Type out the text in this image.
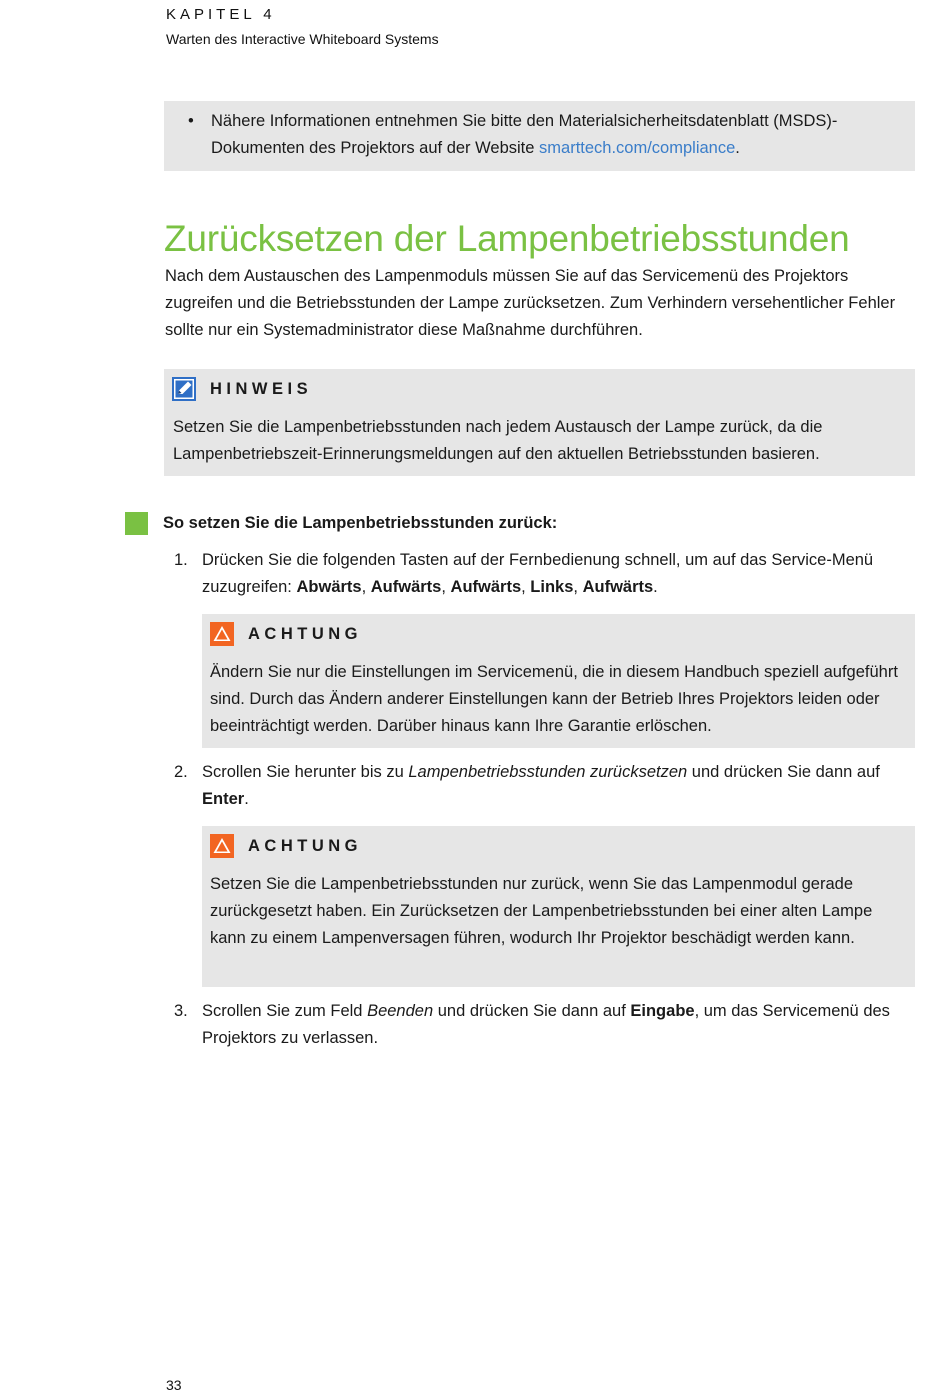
KAPITEL 4
Warten des Interactive Whiteboard Systems
• Nähere Informationen entnehmen Sie bitte den Materialsicherheitsdatenblatt (MSDS)-Dokumenten des Projektors auf der Website smarttech.com/compliance.
Zurücksetzen der Lampenbetriebsstunden
Nach dem Austauschen des Lampenmoduls müssen Sie auf das Servicemenü des Projektors zugreifen und die Betriebsstunden der Lampe zurücksetzen. Zum Verhindern versehentlicher Fehler sollte nur ein Systemadministrator diese Maßnahme durchführen.
HINWEIS
Setzen Sie die Lampenbetriebsstunden nach jedem Austausch der Lampe zurück, da die Lampenbetriebszeit-Erinnerungsmeldungen auf den aktuellen Betriebsstunden basieren.
So setzen Sie die Lampenbetriebsstunden zurück:
1. Drücken Sie die folgenden Tasten auf der Fernbedienung schnell, um auf das Service-Menü zuzugreifen: Abwärts, Aufwärts, Aufwärts, Links, Aufwärts.
ACHTUNG
Ändern Sie nur die Einstellungen im Servicemenü, die in diesem Handbuch speziell aufgeführt sind. Durch das Ändern anderer Einstellungen kann der Betrieb Ihres Projektors leiden oder beeinträchtigt werden. Darüber hinaus kann Ihre Garantie erlöschen.
2. Scrollen Sie herunter bis zu Lampenbetriebsstunden zurücksetzen und drücken Sie dann auf Enter.
ACHTUNG
Setzen Sie die Lampenbetriebsstunden nur zurück, wenn Sie das Lampenmodul gerade zurückgesetzt haben. Ein Zurücksetzen der Lampenbetriebsstunden bei einer alten Lampe kann zu einem Lampenversagen führen, wodurch Ihr Projektor beschädigt werden kann.
3. Scrollen Sie zum Feld Beenden und drücken Sie dann auf Eingabe, um das Servicemenü des Projektors zu verlassen.
33
